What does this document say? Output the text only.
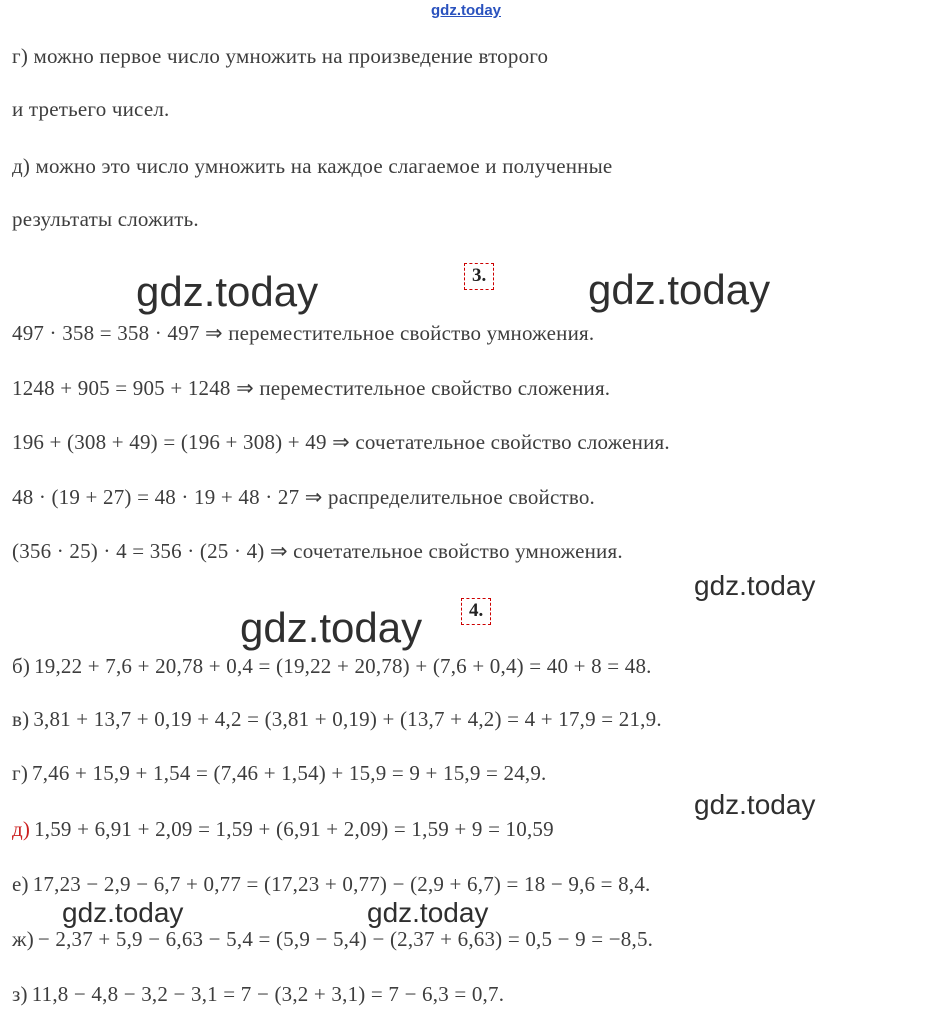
gdz.today
г) можно первое число умножить на произведение второго
и третьего чисел.
д) можно это число умножить на каждое слагаемое и полученные
результаты сложить.
gdz.today	3. gdz.today
497 · 358 = 358 · 497 ⇒ переместительное свойство умножения.
1248 + 905 = 905 + 1248 ⇒ переместительное свойство сложения.
196 + (308 + 49) = (196 + 308) + 49 ⇒ сочетательное свойство сложения.
48 · (19 + 27) = 48 · 19 + 48 · 27 ⇒ распределительное свойство.
(356 · 25) · 4 = 356 · (25 · 4) ⇒ сочетательное свойство умножения.
gdz.today
gdz.today	4.
б) 19,22 + 7,6 + 20,78 + 0,4 = (19,22 + 20,78) + (7,6 + 0,4) = 40 + 8 = 48.
в) 3,81 + 13,7 + 0,19 + 4,2 = (3,81 + 0,19) + (13,7 + 4,2) = 4 + 17,9 = 21,9.
г) 7,46 + 15,9 + 1,54 = (7,46 + 1,54) + 15,9 = 9 + 15,9 = 24,9.
gdz.today
д) 1,59 + 6,91 + 2,09 = 1,59 + (6,91 + 2,09) = 1,59 + 9 = 10,59
е) 17,23 − 2,9 − 6,7 + 0,77 = (17,23 + 0,77) − (2,9 + 6,7) = 18 − 9,6 = 8,4.
gdz.today	gdz.today
ж) − 2,37 + 5,9 − 6,63 − 5,4 = (5,9 − 5,4) − (2,37 + 6,63) = 0,5 − 9 = −8,5.
з) 11,8 − 4,8 − 3,2 − 3,1 = 7 − (3,2 + 3,1) = 7 − 6,3 = 0,7.
